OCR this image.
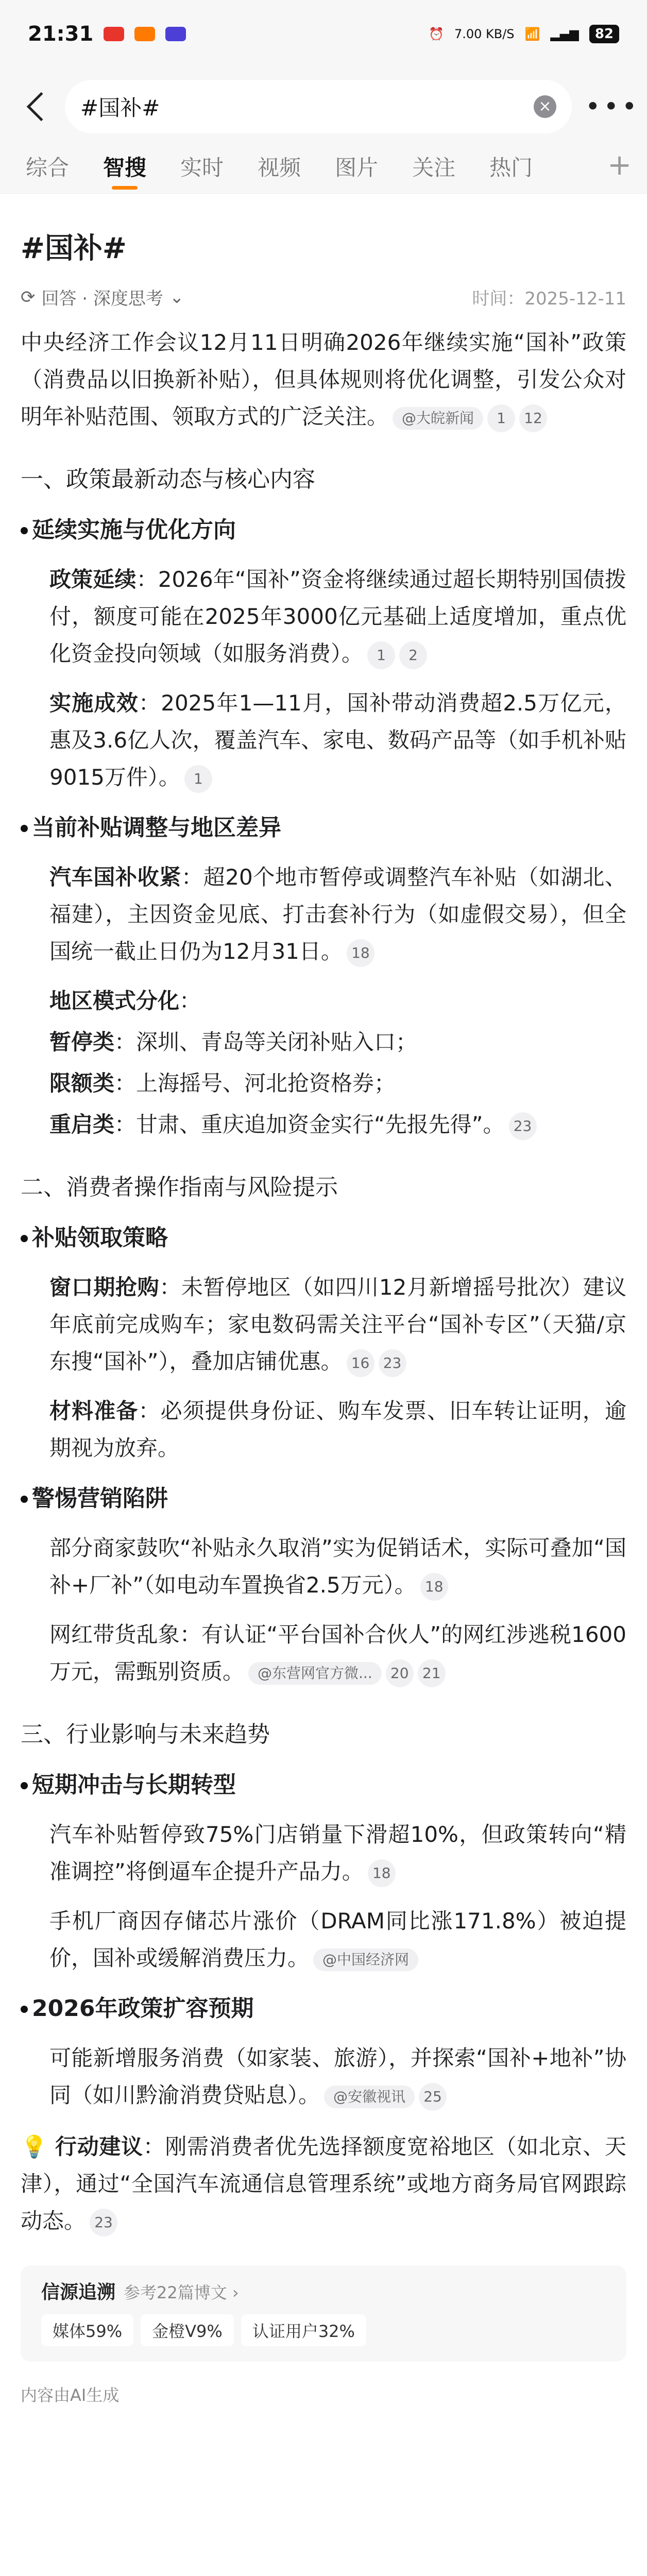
21:31	⏰ 7.00 KB/S 📶 ▂▄▆	82
#国补#	× •••
综合 智搜 实时 视频 图片 关注 热门	+
#国补#
⟳ 回答 · 深度思考 ⌄	时间：2025-12-11

中央经济工作会议12月11日明确2026年继续实施“国补”政策（消费品以旧换新补贴），但具体规则将优化调整，引发公众对明年补贴范围、领取方式的广泛关注。 @大皖新闻 1 12

一、政策最新动态与核心内容
延续实施与优化方向

政策延续：2026年“国补”资金将继续通过超长期特别国债拨付，额度可能在2025年3000亿元基础上适度增加，重点优化资金投向领域（如服务消费）。 1 2

实施成效：2025年1—11月，国补带动消费超2.5万亿元，惠及3.6亿人次，覆盖汽车、家电、数码产品等（如手机补贴9015万件）。 1

当前补贴调整与地区差异

汽车国补收紧：超20个地市暂停或调整汽车补贴（如湖北、福建），主因资金见底、打击套补行为（如虚假交易），但全国统一截止日仍为12月31日。 18

地区模式分化：

暂停类：深圳、青岛等关闭补贴入口；

限额类：上海摇号、河北抢资格券；

重启类：甘肃、重庆追加资金实行“先报先得”。 23

二、消费者操作指南与风险提示
补贴领取策略

窗口期抢购：未暂停地区（如四川12月新增摇号批次）建议年底前完成购车；家电数码需关注平台“国补专区”（天猫/京东搜“国补”），叠加店铺优惠。 16 23

材料准备：必须提供身份证、购车发票、旧车转让证明，逾期视为放弃。

警惕营销陷阱

部分商家鼓吹“补贴永久取消”实为促销话术，实际可叠加“国补+厂补”（如电动车置换省2.5万元）。 18

网红带货乱象：有认证“平台国补合伙人”的网红涉逃税1600万元，需甄别资质。 @东营网官方微... 20 21

三、行业影响与未来趋势
短期冲击与长期转型

汽车补贴暂停致75%门店销量下滑超10%，但政策转向“精准调控”将倒逼车企提升产品力。 18

手机厂商因存储芯片涨价（DRAM同比涨171.8%）被迫提价，国补或缓解消费压力。 @中国经济网

2026年政策扩容预期

可能新增服务消费（如家装、旅游），并探索“国补+地补”协同（如川黔渝消费贷贴息）。 @安徽视讯 25

💡 行动建议：刚需消费者优先选择额度宽裕地区（如北京、天津），通过“全国汽车流通信息管理系统”或地方商务局官网跟踪动态。 23

信源追溯 参考22篇博文 ›
媒体59%	金橙V9%	认证用户32%
内容由AI生成
